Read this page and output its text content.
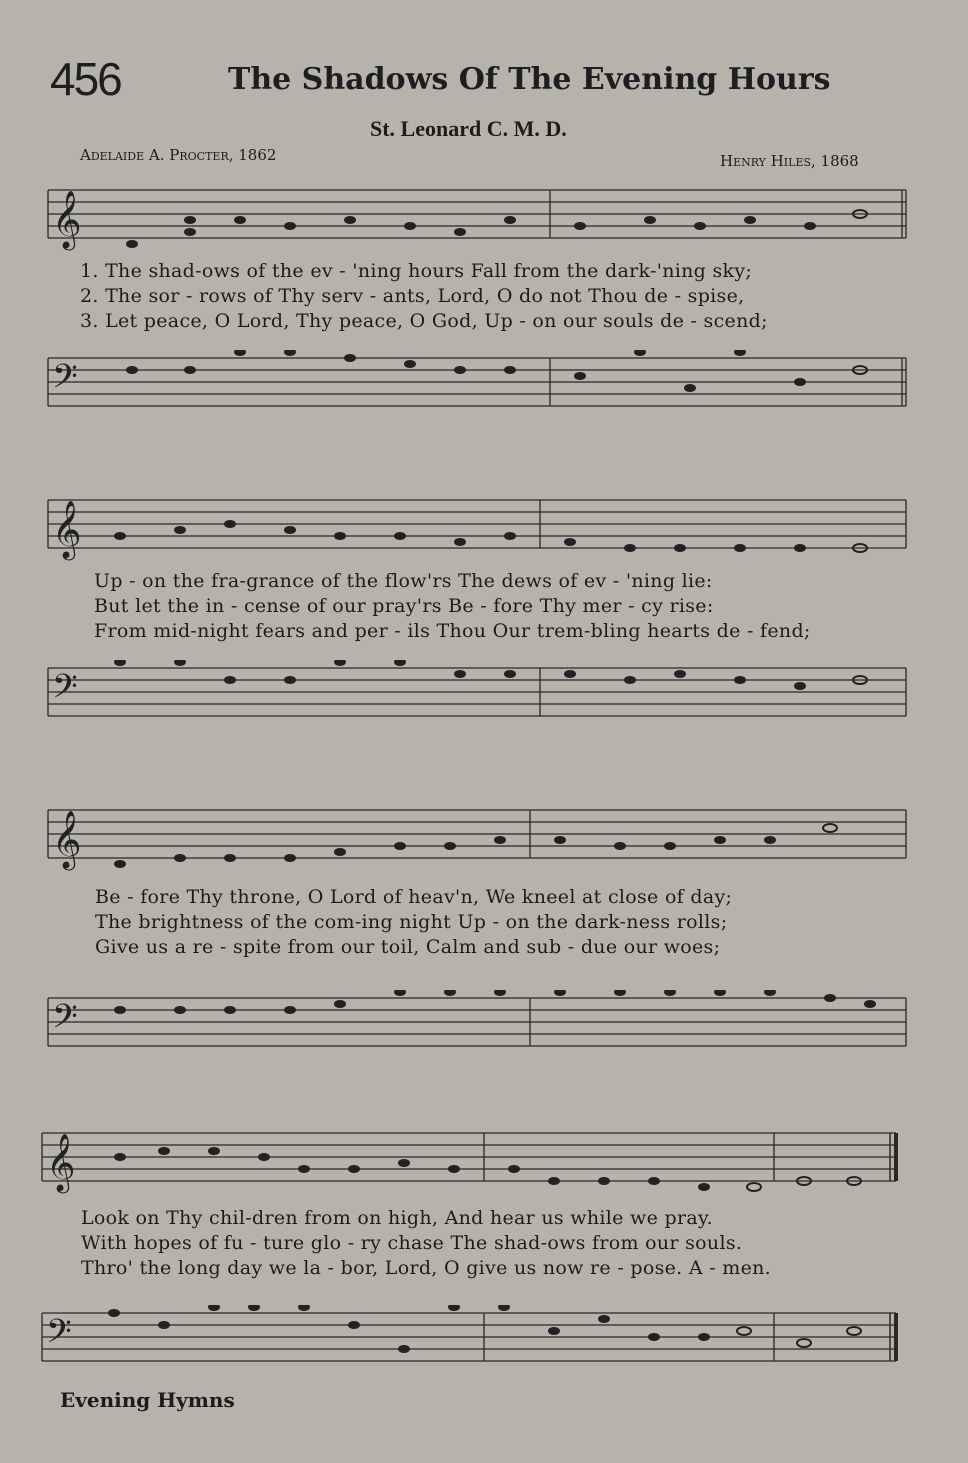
456	The Shadows Of The Evening Hours
St. Leonard C. M. D.
Adelaide A. Procter, 1862	Henry Hiles, 1868
𝄞
1. The shad-ows of the ev - 'ning hours Fall from the dark-'ning sky;
2. The sor - rows of Thy serv - ants, Lord, O do not Thou de - spise,
3. Let peace, O Lord, Thy peace, O God, Up - on our souls de - scend;
𝄢
𝄞
Up - on the fra-grance of the flow'rs The dews of ev - 'ning lie:
But let the in - cense of our pray'rs Be - fore Thy mer - cy rise:
From mid-night fears and per - ils Thou Our trem-bling hearts de - fend;
𝄢
𝄞
Be - fore Thy throne, O Lord of heav'n, We kneel at close of day;
The brightness of the com-ing night Up - on the dark-ness rolls;
Give us a re - spite from our toil, Calm and sub - due our woes;
𝄢
𝄞
Look on Thy chil-dren from on high, And hear us while we pray.
With hopes of fu - ture glo - ry chase The shad-ows from our souls.
Thro' the long day we la - bor, Lord, O give us now re - pose. A - men.
𝄢
Evening Hymns
